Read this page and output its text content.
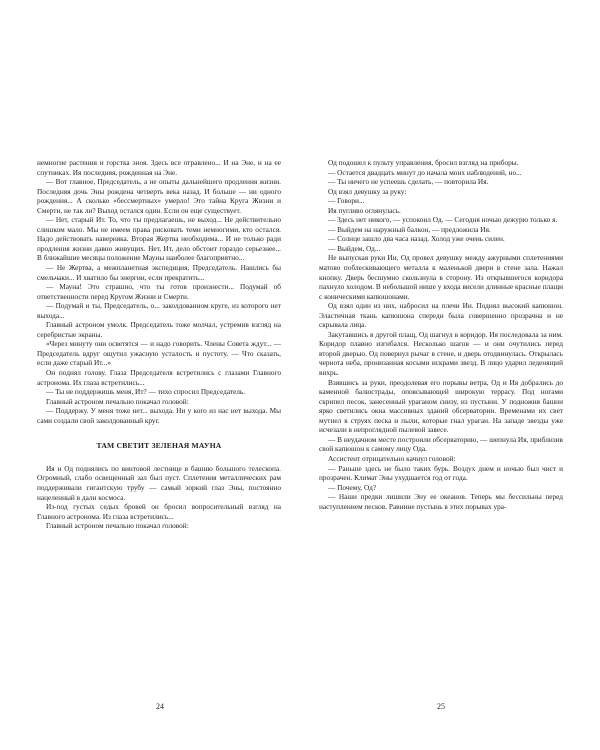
немногие растения и горстка эноя. Здесь все отравлено... И на Эне, и на ее спутниках. Ия последняя, рожденная на Эне.

— Вот главное, Председатель, а не опыты дальнейшего продления жизни. Последняя дочь Эны рождена четверть века назад. И больше — ни одного рождения... А сколько «бессмертных» умерло! Это тайна Круга Жизни и Смерти, не так ли? Выход остался один. Если он еще существует.

— Нет, старый Ит. То, что ты предлагаешь, не выход... Не действительно слишком мало. Мы не имеем права рисковать теми немногими, кто остался. Надо действовать наверняка. Вторая Жертва необходима... И не только ради продления жизни давно живущих. Нет, Ит, дело обстоит гораздо серьезнее... В ближайшие месяцы положение Мауны наиболее благоприятно...

— Не Жертва, а межпланетная экспедиция, Председатель. Нашлись бы смельчаки... И хватило бы энергии, если прекратить...

— Мауна! Это страшно, что ты готов произнести... Подумай об ответственности перед Кругом Жизни и Смерти.

— Подумай и ты, Председатель, о... заколдованном круге, из которого нет выхода...

Главный астроном умолк. Председатель тоже молчал, устремив взгляд на серебристые экраны.

«Через минуту они осветятся — и надо говорить. Члены Совета ждут... — Председатель вдруг ощутил ужасную усталость и пустоту. — Что сказать, если даже старый Ит...»

Он поднял голову. Глаза Председателя встретились с глазами Главного астронома. Их глаза встретились...

— Ты не поддержишь меня, Ит? — тихо спросил Председатель.

Главный астроном печально покачал головой:

— Поддержу. У меня тоже нет... выхода. Ни у кого из нас нет выхода. Мы сами создали свой заколдованный круг.

ТАМ СВЕТИТ ЗЕЛЕНАЯ МАУНА

Ия и Од поднялись по винтовой лестнице в башню большого телескопа. Огромный, слабо освещенный зал был пуст. Сплетения металлических рам поддерживали гигантскую трубу — самый зоркий глаз Эны, постоянно нацеленный в дали космоса.

Из-под густых седых бровей он бросил вопросительный взгляд на Главного астронома. Из глаза встретились...

Главный астроном печально покачал головой:

Од подошел к пульту управления, бросил взгляд на приборы.

— Остается двадцать минут до начала моих наблюдений, но...

— Ты ничего не успеешь сделать, — повторила Ия.

Од взял девушку за руку:

— Говори...

Ия пугливо оглянулась.

— Здесь нет никого, — успокоил Од. — Сегодня ночью дежурю только я.

— Выйдем на наружный балкон, — предложила Ия.

— Солнце зашло два часа назад. Холод уже очень силен.

— Выйдем, Од...

Не выпуская руки Ии, Од провел девушку между ажурными сплетениями матово поблескивающего металла к маленькой двери в стене зала. Нажал кнопку. Дверь бесшумно скользнула в сторону. Из открывшегося коридора пахнуло холодом. В небольшой нише у входа висели длинные красные плащи с коническими капюшонами.

Од взял один из них, набросил на плечи Ии. Поднял высокий капюшон. Эластичная ткань капюшона спереди была совершенно прозрачна и не скрывала лица.

Закутавшись в другой плащ, Од шагнул в коридор. Ия последовала за ним. Коридор плавно изгибался. Несколько шагов — и они очутились перед второй дверью. Од повернул рычаг в стене, и дверь отодвинулась. Открылась чернота неба, пронизанная косыми искрами звезд. В лицо ударил леденящий вихрь.

Взявшись за руки, преодолевая его порывы ветра, Од и Ия добрались до каменной балюстрады, опоясывающей широкую террасу. Под ногами скрипел песок, занесенный ураганом снизу, из пустыни. У подножия башни ярко светились окна массивных зданий обсерватории. Временами их свет мутнел в струях песка и пыли, которые гнал ураган. На западе звезды уже исчезали в непроглядной пылевой завесе.

— В неудачном месте построили обсерваторию, — шепнула Ия, приблизив свой капюшон к самому лицу Ода.

Ассистент отрицательно качнул головой:

— Раньше здесь не было таких бурь. Воздух днем и ночью был чист и прозрачен. Климат Эны ухудшается год от года.

— Почему, Од?

— Наши предки лишили Эну ее океанов. Теперь мы бессильны перед наступлением песков. Равнине пустынь в этих порывах ура-

24	25
